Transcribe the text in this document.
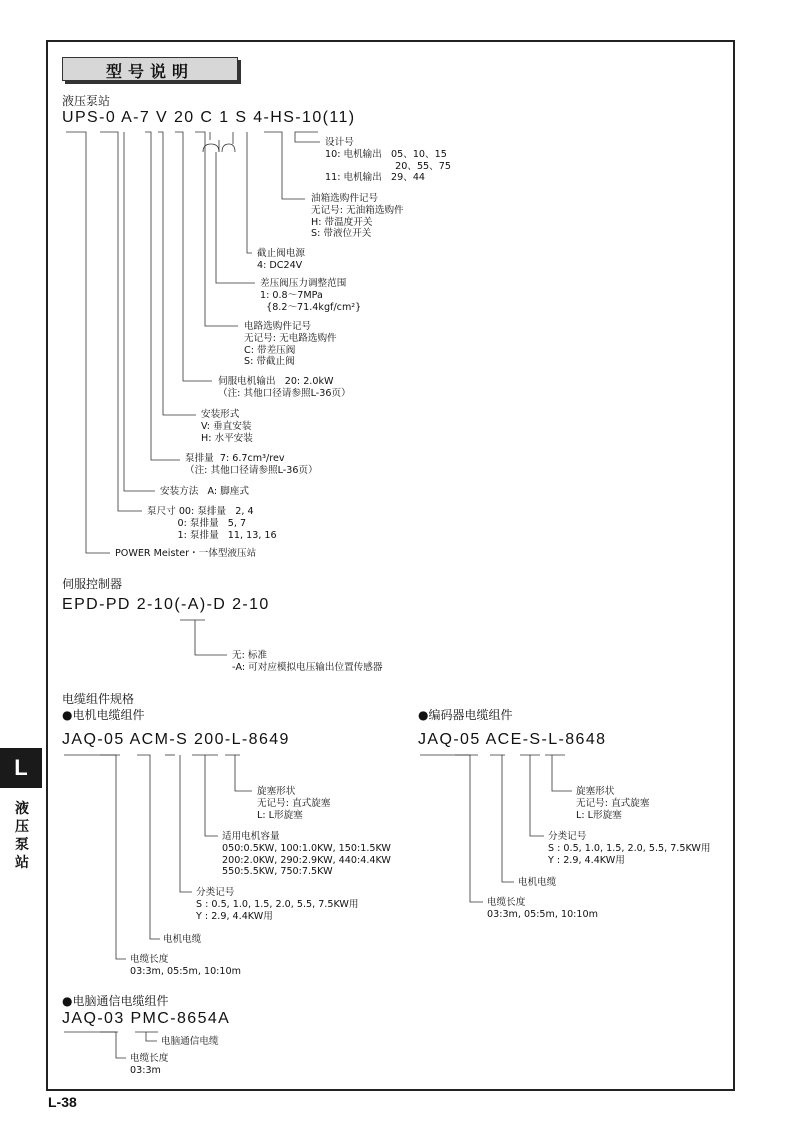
型号说明
液压泵站
UPS-0 A-7 V 20 C 1 S 4-HS-10(11)
设计号
10: 电机输出   05、10、15
20、55、75
11: 电机输出   29、44
油箱选购件记号
无记号: 无油箱选购件
H: 带温度开关
S: 带液位开关
截止阀电源
4: DC24V
差压阀压力调整范围
1: 0.8～7MPa
{8.2～71.4kgf/cm²}
电路选购件记号
无记号: 无电路选购件
C: 带差压阀
S: 带截止阀
伺服电机输出   20: 2.0kW
（注: 其他口径请参照L-36页）
安装形式
V: 垂直安装
H: 水平安装
泵排量  7: 6.7cm³/rev
（注: 其他口径请参照L-36页）
安装方法   A: 脚座式
泵尺寸 00: 泵排量   2, 4
0: 泵排量   5, 7
1: 泵排量   11, 13, 16
POWER Meister・一体型液压站
伺服控制器
EPD-PD 2-10(-A)-D 2-10
无: 标准
-A: 可对应模拟电压输出位置传感器
电缆组件规格
●电机电缆组件
JAQ-05 ACM-S 200-L-8649
旋塞形状
无记号: 直式旋塞
L: L形旋塞
适用电机容量
050:0.5KW, 100:1.0KW, 150:1.5KW
200:2.0KW, 290:2.9KW, 440:4.4KW
550:5.5KW, 750:7.5KW
分类记号
S : 0.5, 1.0, 1.5, 2.0, 5.5, 7.5KW用
Y : 2.9, 4.4KW用
电机电缆
电缆长度
03:3m, 05:5m, 10:10m
●编码器电缆组件
JAQ-05 ACE-S-L-8648
旋塞形状
无记号: 直式旋塞
L: L形旋塞
分类记号
S : 0.5, 1.0, 1.5, 2.0, 5.5, 7.5KW用
Y : 2.9, 4.4KW用
电机电缆
电缆长度
03:3m, 05:5m, 10:10m
●电脑通信电缆组件
JAQ-03 PMC-8654A
电脑通信电缆
电缆长度
03:3m
L
液压泵站
L-38
